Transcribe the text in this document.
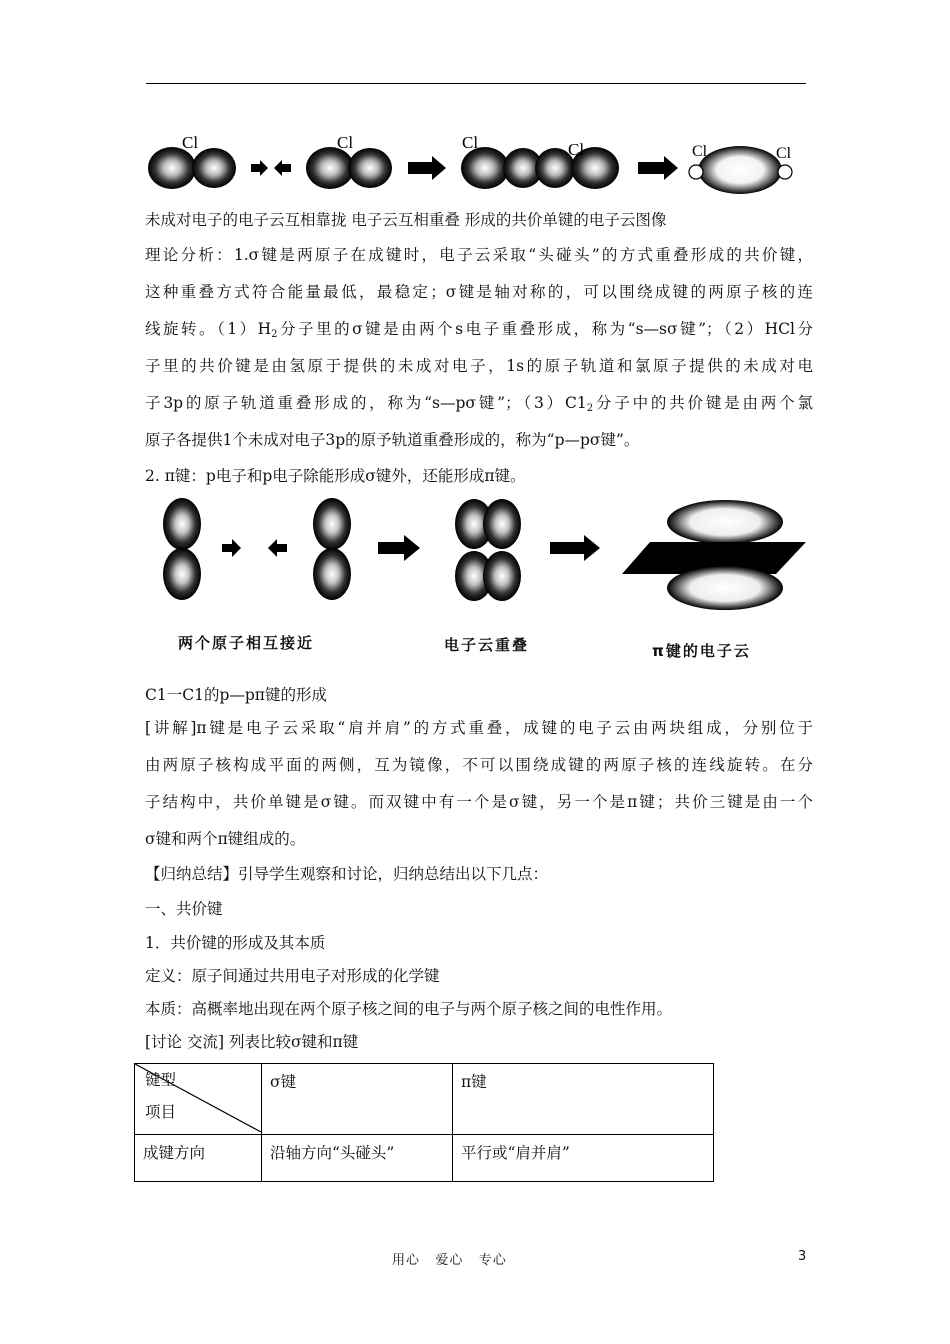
Cl	Cl	Cl	Cl	Cl	Cl
未成对电子的电子云互相靠拢 电子云互相重叠 形成的共价单键的电子云图像
理论分析：1.σ键是两原子在成键时，电子云采取“头碰头”的方式重叠形成的共价键，
这种重叠方式符合能量最低，最稳定；σ键是轴对称的，可以围绕成键的两原子核的连
线旋转。$(1)H_2$分子里的σ键是由两个s电子重叠形成，称为“s—sσ键”；（2）HCl分
子里的共价键是由氢原于提供的未成对电子，1s的原子轨道和氯原子提供的未成对电
子3p的原子轨道重叠形成的，称为“s—pσ键”；$(3)C1_2$分子中的共价键是由两个氯
原子各提供1个未成对电子3p的原予轨道重叠形成的，称为“p—pσ键”。
2. π键：p电子和p电子除能形成σ键外，还能形成π键。
两个原子相互接近	电子云重叠	π键的电子云
C1一C1的p—pπ键的形成
[讲解]π键是电子云采取“肩并肩”的方式重叠，成键的电子云由两块组成，分别位于
由两原子核构成平面的两侧，互为镜像，不可以围绕成键的两原子核的连线旋转。在分
子结构中，共价单键是σ键。而双键中有一个是σ键，另一个是π键；共价三键是由一个
σ键和两个π键组成的。
【归纳总结】引导学生观察和讨论，归纳总结出以下几点：
一、共价键
1．共价键的形成及其本质
定义：原子间通过共用电子对形成的化学键
本质：高概率地出现在两个原子核之间的电子与两个原子核之间的电性作用。
[讨论 交流] 列表比较σ键和π键
键型
项目	σ键	π键
成键方向	沿轴方向“头碰头”	平行或“肩并肩”
用心   爱心   专心	3
